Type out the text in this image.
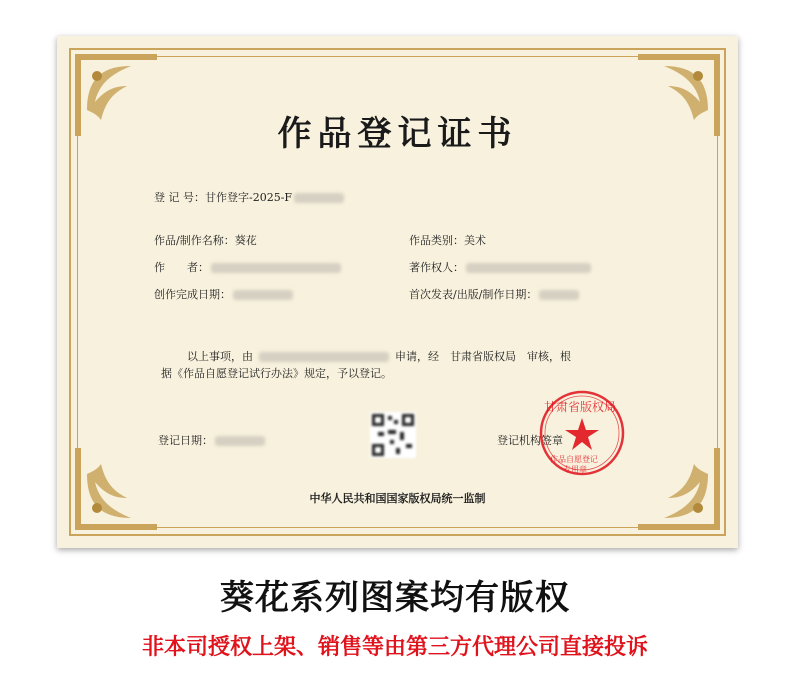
作品登记证书
登 记 号：甘作登字-2025-F
作品/制作名称：葵花	作品类别：美术
作　　者：	著作权人：
创作完成日期：	首次发表/出版/制作日期：
以上事项，由	申请，经　甘肃省版权局　审核，根
据《作品自愿登记试行办法》规定，予以登记。
登记日期：	登记机构签章
甘肃省版权局
作品自愿登记
专用章
中华人民共和国国家版权局统一监制
葵花系列图案均有版权
非本司授权上架、销售等由第三方代理公司直接投诉
